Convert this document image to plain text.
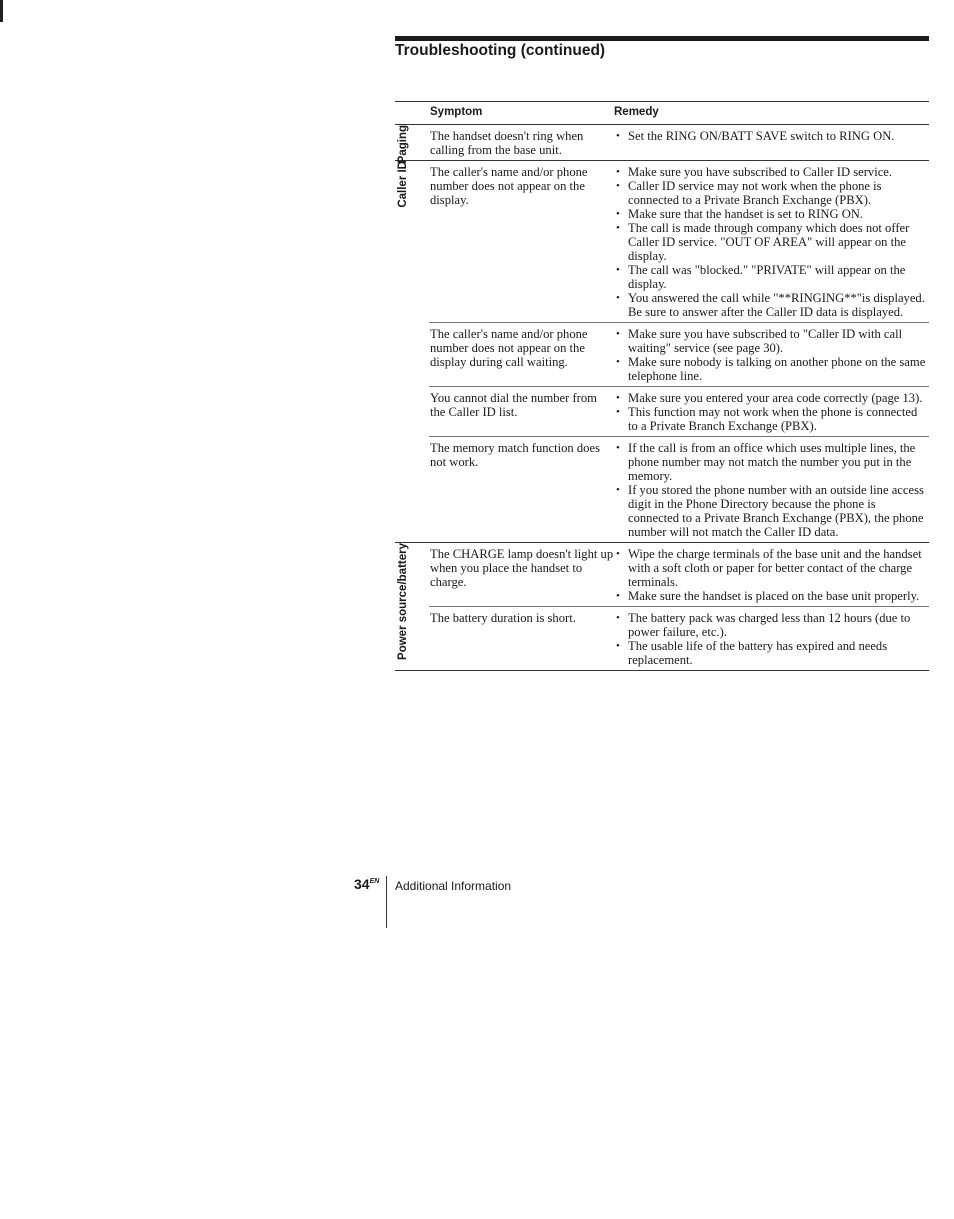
Troubleshooting (continued)
Symptom	Remedy
Paging The handset doesn't ring when calling from the base unit.
• Set the RING ON/BATT SAVE switch to RING ON.
Caller ID The caller's name and/or phone number does not appear on the display.
• Make sure you have subscribed to Caller ID service.
• Caller ID service may not work when the phone is connected to a Private Branch Exchange (PBX).
• Make sure that the handset is set to RING ON.
• The call is made through company which does not offer Caller ID service. "OUT OF AREA" will appear on the display.
• The call was "blocked." "PRIVATE" will appear on the display.
• You answered the call while "**RINGING**"is displayed. Be sure to answer after the Caller ID data is displayed.
The caller's name and/or phone number does not appear on the display during call waiting.
• Make sure you have subscribed to "Caller ID with call waiting" service (see page 30).
• Make sure nobody is talking on another phone on the same telephone line.
You cannot dial the number from the Caller ID list.
• Make sure you entered your area code correctly (page 13).
• This function may not work when the phone is connected to a Private Branch Exchange (PBX).
The memory match function does not work.
• If the call is from an office which uses multiple lines, the phone number may not match the number you put in the memory.
• If you stored the phone number with an outside line access digit in the Phone Directory because the phone is connected to a Private Branch Exchange (PBX), the phone number will not match the Caller ID data.
Power source/battery The CHARGE lamp doesn't light up when you place the handset to charge.
• Wipe the charge terminals of the base unit and the handset with a soft cloth or paper for better contact of the charge terminals.
• Make sure the handset is placed on the base unit properly.
The battery duration is short.
•	The battery pack was charged less than 12 hours (due to power failure, etc.).
• The usable life of the battery has expired and needs replacement.
$34^{EN}$ Additional Information
